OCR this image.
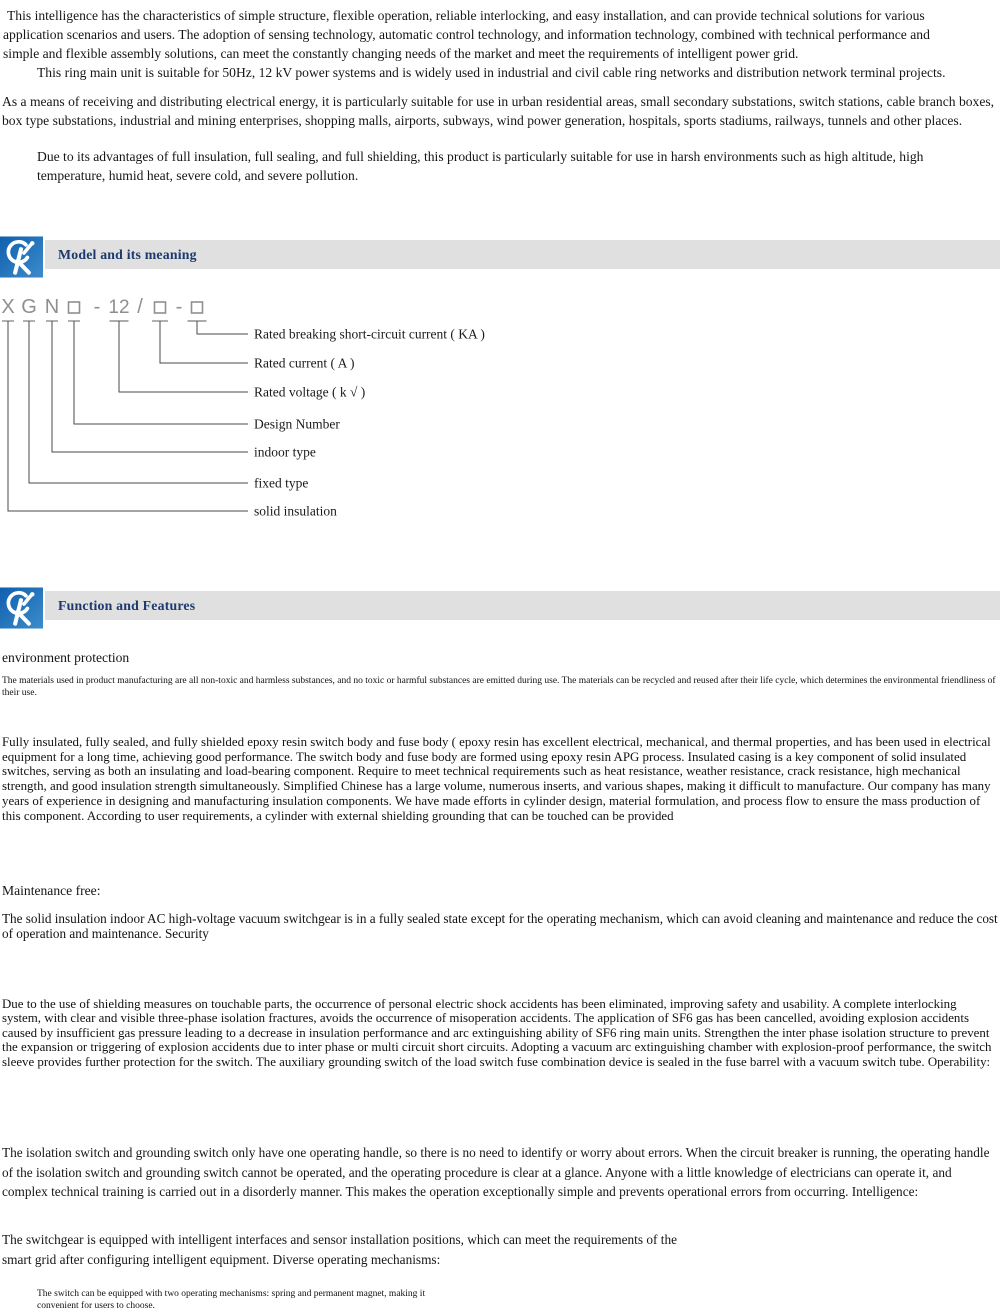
This intelligence has the characteristics of simple structure, flexible operation, reliable interlocking, and easy installation, and can provide technical solutions for various application scenarios and users. The adoption of sensing technology, automatic control technology, and information technology, combined with technical performance and simple and flexible assembly solutions, can meet the constantly changing needs of the market and meet the requirements of intelligent power grid.
This ring main unit is suitable for 50Hz, 12 kV power systems and is widely used in industrial and civil cable ring networks and distribution network terminal projects.
As a means of receiving and distributing electrical energy, it is particularly suitable for use in urban residential areas, small secondary substations, switch stations, cable branch boxes, box type substations, industrial and mining enterprises, shopping malls, airports, subways, wind power generation, hospitals, sports stadiums, railways, tunnels and other places.
Due to its advantages of full insulation, full sealing, and full shielding, this product is particularly suitable for use in harsh environments such as high altitude, high temperature, humid heat, severe cold, and severe pollution.
Model and its meaning
X G N - 12 / -
Rated breaking short-circuit current ( KA )
Rated current ( A )
Rated voltage ( k √ )
Design Number
indoor type
fixed type
solid insulation
Function and Features
environment protection
The materials used in product manufacturing are all non-toxic and harmless substances, and no toxic or harmful substances are emitted during use. The materials can be recycled and reused after their life cycle, which determines the environmental friendliness of their use.
Fully insulated, fully sealed, and fully shielded epoxy resin switch body and fuse body ( epoxy resin has excellent electrical, mechanical, and thermal properties, and has been used in electrical equipment for a long time, achieving good performance. The switch body and fuse body are formed using epoxy resin APG process. Insulated casing is a key component of solid insulated switches, serving as both an insulating and load-bearing component. Require to meet technical requirements such as heat resistance, weather resistance, crack resistance, high mechanical strength, and good insulation strength simultaneously. Simplified Chinese has a large volume, numerous inserts, and various shapes, making it difficult to manufacture. Our company has many years of experience in designing and manufacturing insulation components. We have made efforts in cylinder design, material formulation, and process flow to ensure the mass production of this component. According to user requirements, a cylinder with external shielding grounding that can be touched can be provided
Maintenance free:
The solid insulation indoor AC high-voltage vacuum switchgear is in a fully sealed state except for the operating mechanism, which can avoid cleaning and maintenance and reduce the cost of operation and maintenance. Security
Due to the use of shielding measures on touchable parts, the occurrence of personal electric shock accidents has been eliminated, improving safety and usability. A complete interlocking system, with clear and visible three-phase isolation fractures, avoids the occurrence of misoperation accidents. The application of SF6 gas has been cancelled, avoiding explosion accidents caused by insufficient gas pressure leading to a decrease in insulation performance and arc extinguishing ability of SF6 ring main units. Strengthen the inter phase isolation structure to prevent the expansion or triggering of explosion accidents due to inter phase or multi circuit short circuits. Adopting a vacuum arc extinguishing chamber with explosion-proof performance, the switch sleeve provides further protection for the switch. The auxiliary grounding switch of the load switch fuse combination device is sealed in the fuse barrel with a vacuum switch tube. Operability:
The isolation switch and grounding switch only have one operating handle, so there is no need to identify or worry about errors. When the circuit breaker is running, the operating handle of the isolation switch and grounding switch cannot be operated, and the operating procedure is clear at a glance. Anyone with a little knowledge of electricians can operate it, and complex technical training is carried out in a disorderly manner. This makes the operation exceptionally simple and prevents operational errors from occurring. Intelligence:
The switchgear is equipped with intelligent interfaces and sensor installation positions, which can meet the requirements of the smart grid after configuring intelligent equipment. Diverse operating mechanisms:
The switch can be equipped with two operating mechanisms: spring and permanent magnet, making it convenient for users to choose.
